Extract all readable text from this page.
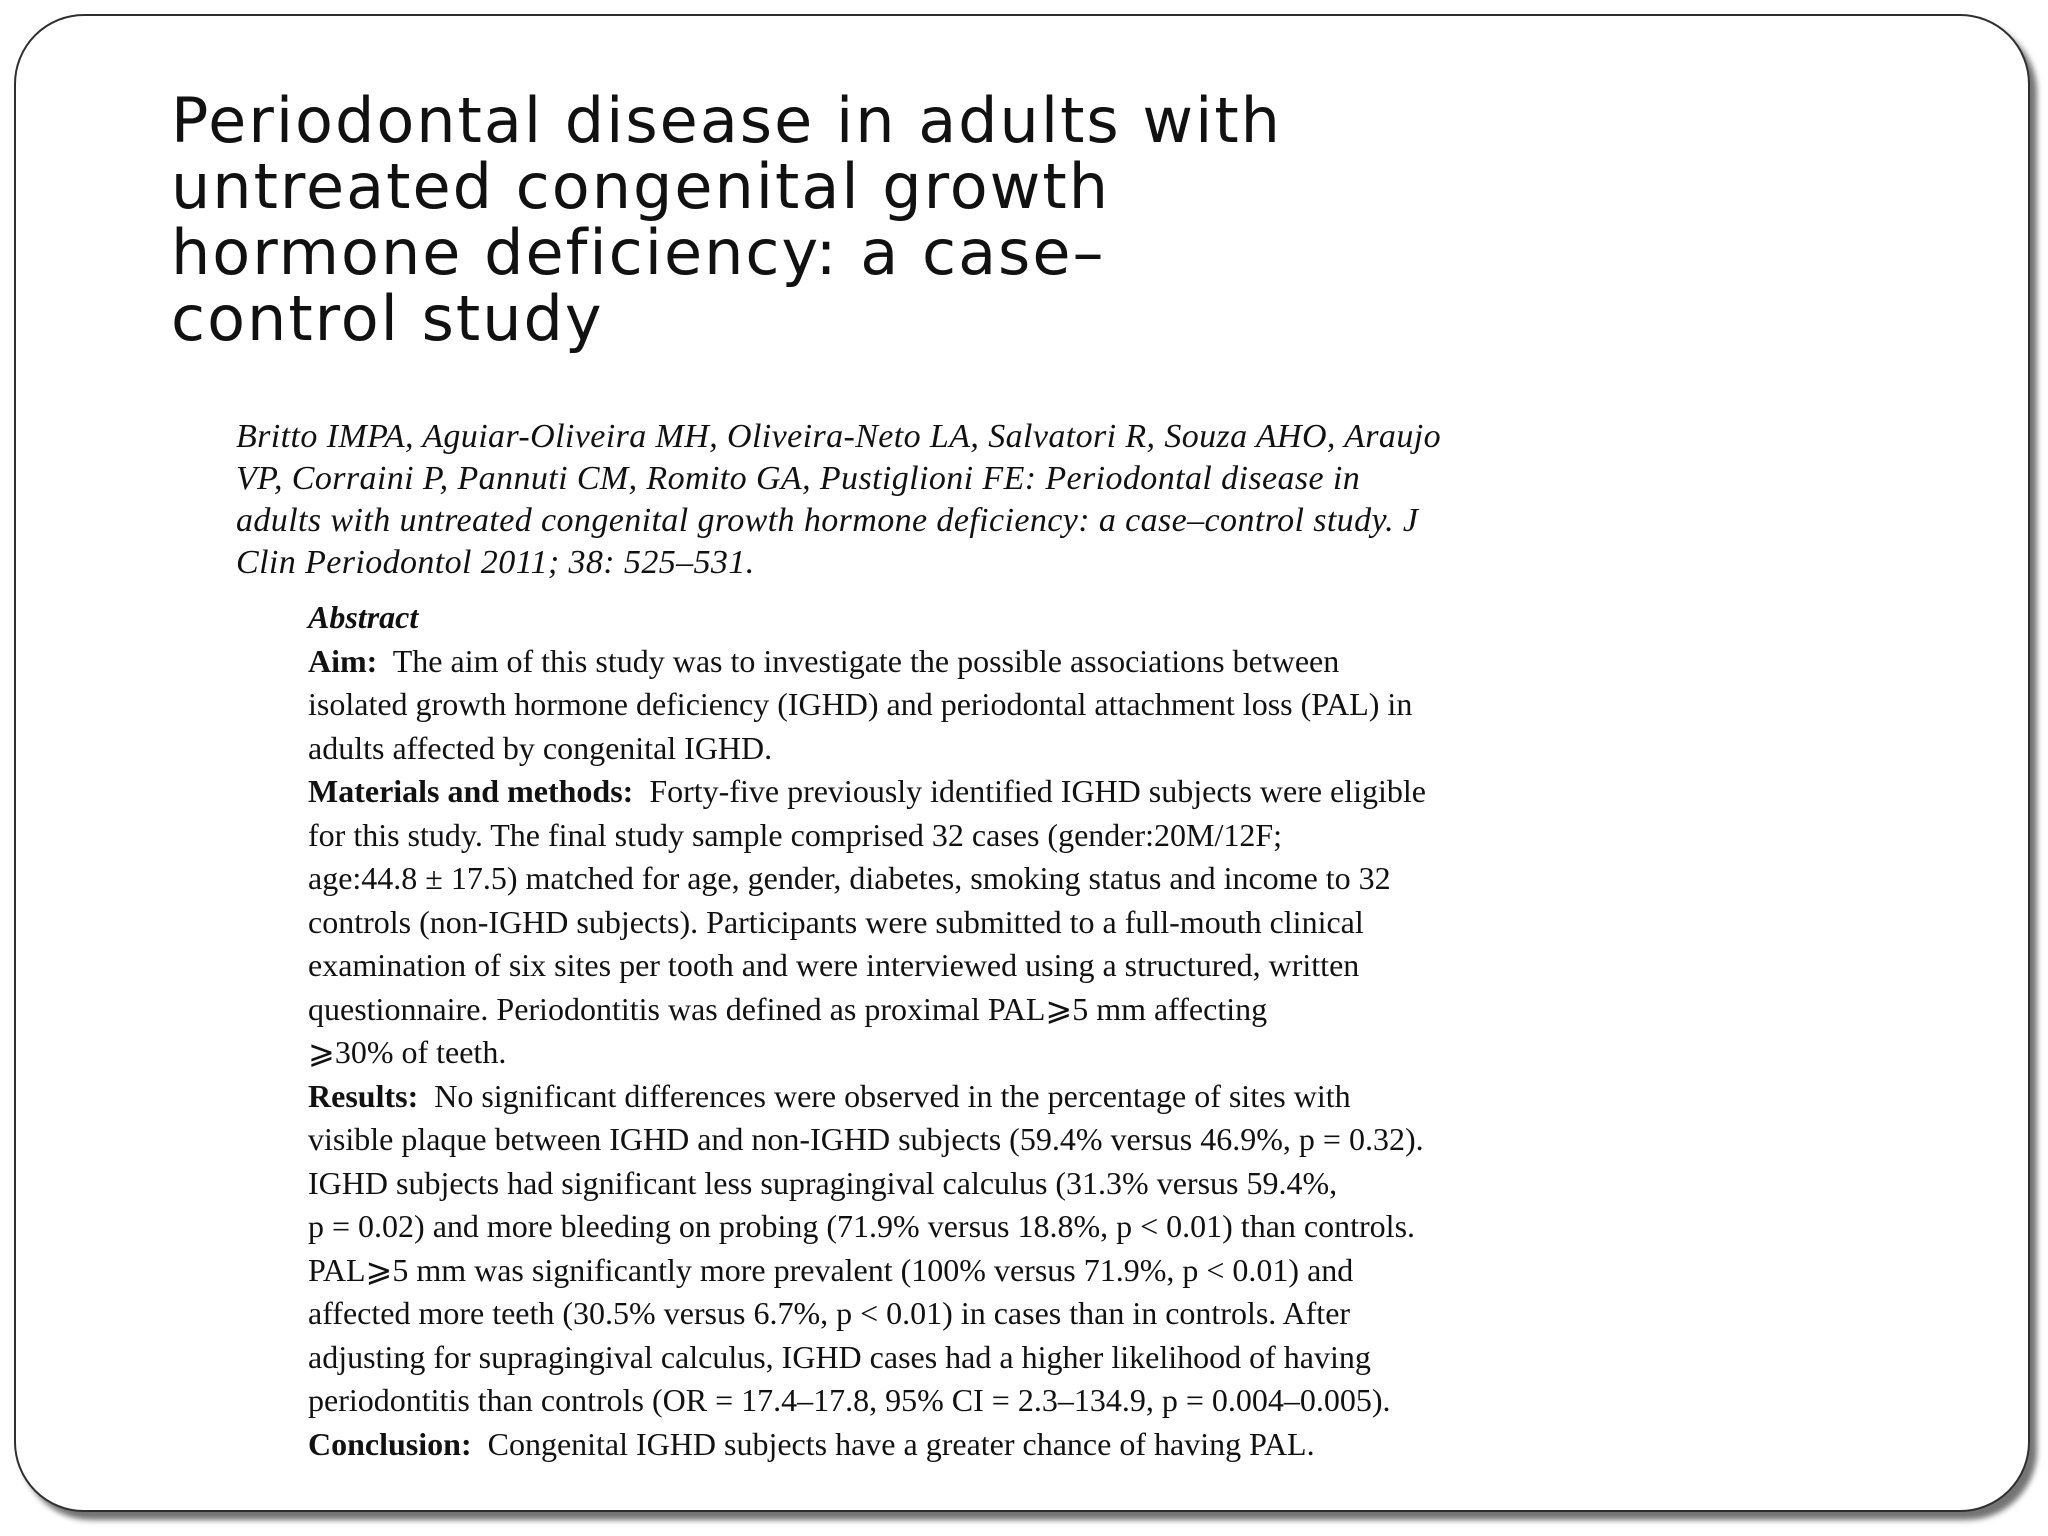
Periodontal disease in adults with
untreated congenital growth
hormone deficiency: a case–
control study

Britto IMPA, Aguiar-Oliveira MH, Oliveira-Neto LA, Salvatori R, Souza AHO, Araujo
VP, Corraini P, Pannuti CM, Romito GA, Pustiglioni FE: Periodontal disease in
adults with untreated congenital growth hormone deficiency: a case–control study. J
Clin Periodontol 2011; 38: 525–531.

Abstract
Aim: The aim of this study was to investigate the possible associations between
isolated growth hormone deficiency (IGHD) and periodontal attachment loss (PAL) in
adults affected by congenital IGHD.
Materials and methods: Forty-five previously identified IGHD subjects were eligible
for this study. The final study sample comprised 32 cases (gender:20M/12F;
age:44.8 ± 17.5) matched for age, gender, diabetes, smoking status and income to 32
controls (non-IGHD subjects). Participants were submitted to a full-mouth clinical
examination of six sites per tooth and were interviewed using a structured, written
questionnaire. Periodontitis was defined as proximal PAL⩾5 mm affecting
⩾30% of teeth.
Results: No significant differences were observed in the percentage of sites with
visible plaque between IGHD and non-IGHD subjects (59.4% versus 46.9%, p = 0.32).
IGHD subjects had significant less supragingival calculus (31.3% versus 59.4%,
p = 0.02) and more bleeding on probing (71.9% versus 18.8%, p < 0.01) than controls.
PAL⩾5 mm was significantly more prevalent (100% versus 71.9%, p < 0.01) and
affected more teeth (30.5% versus 6.7%, p < 0.01) in cases than in controls. After
adjusting for supragingival calculus, IGHD cases had a higher likelihood of having
periodontitis than controls (OR = 17.4–17.8, 95% CI = 2.3–134.9, p = 0.004–0.005).
Conclusion: Congenital IGHD subjects have a greater chance of having PAL.
